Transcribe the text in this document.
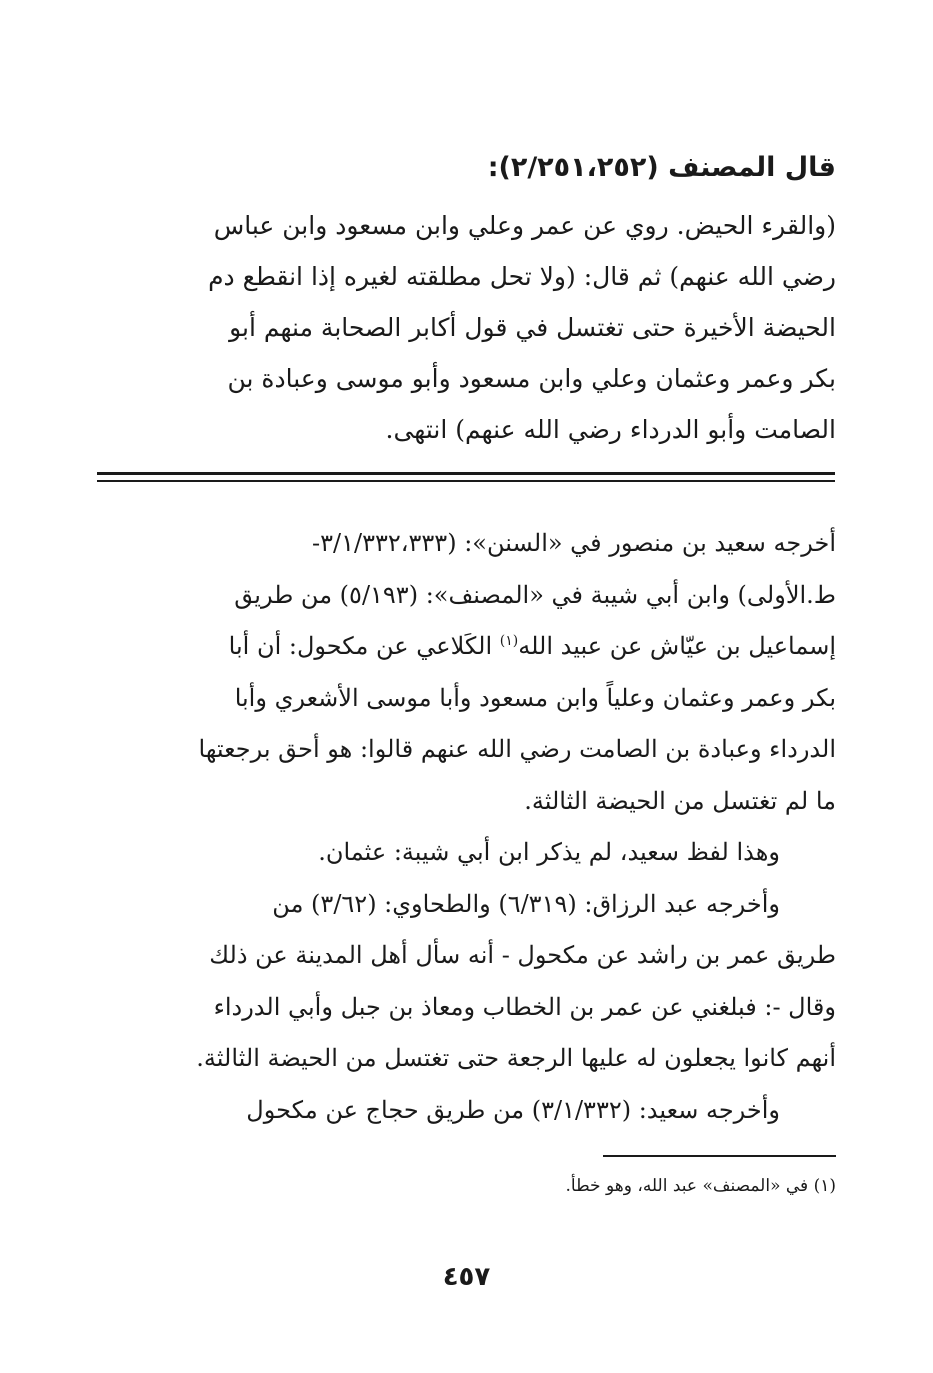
قال المصنف (٢/٢٥١،٢٥٢):

(والقرء الحيض. روي عن عمر وعلي وابن مسعود وابن عباس

رضي الله عنهم) ثم قال: (ولا تحل مطلقته لغيره إذا انقطع دم

الحيضة الأخيرة حتى تغتسل في قول أكابر الصحابة منهم أبو

بكر وعمر وعثمان وعلي وابن مسعود وأبو موسى وعبادة بن

الصامت وأبو الدرداء رضي الله عنهم) انتهى.

أخرجه سعيد بن منصور في «السنن»: (٣/١/٣٣٢،٣٣٣-

ط.الأولى) وابن أبي شيبة في «المصنف»: (٥/١٩٣) من طريق

إسماعيل بن عيّاش عن عبيد الله$^{(١)}$ الكَلاعي عن مكحول: أن أبا

بكر وعمر وعثمان وعلياً وابن مسعود وأبا موسى الأشعري وأبا

الدرداء وعبادة بن الصامت رضي الله عنهم قالوا: هو أحق برجعتها

ما لم تغتسل من الحيضة الثالثة.

وهذا لفظ سعيد، لم يذكر ابن أبي شيبة: عثمان.

وأخرجه عبد الرزاق: (٦/٣١٩) والطحاوي: (٣/٦٢) من

طريق عمر بن راشد عن مكحول - أنه سأل أهل المدينة عن ذلك

وقال -: فبلغني عن عمر بن الخطاب ومعاذ بن جبل وأبي الدرداء

أنهم كانوا يجعلون له عليها الرجعة حتى تغتسل من الحيضة الثالثة.

وأخرجه سعيد: (٣/١/٣٣٢) من طريق حجاج عن مكحول

(١) في «المصنف» عبد الله، وهو خطأ.
٤٥٧
